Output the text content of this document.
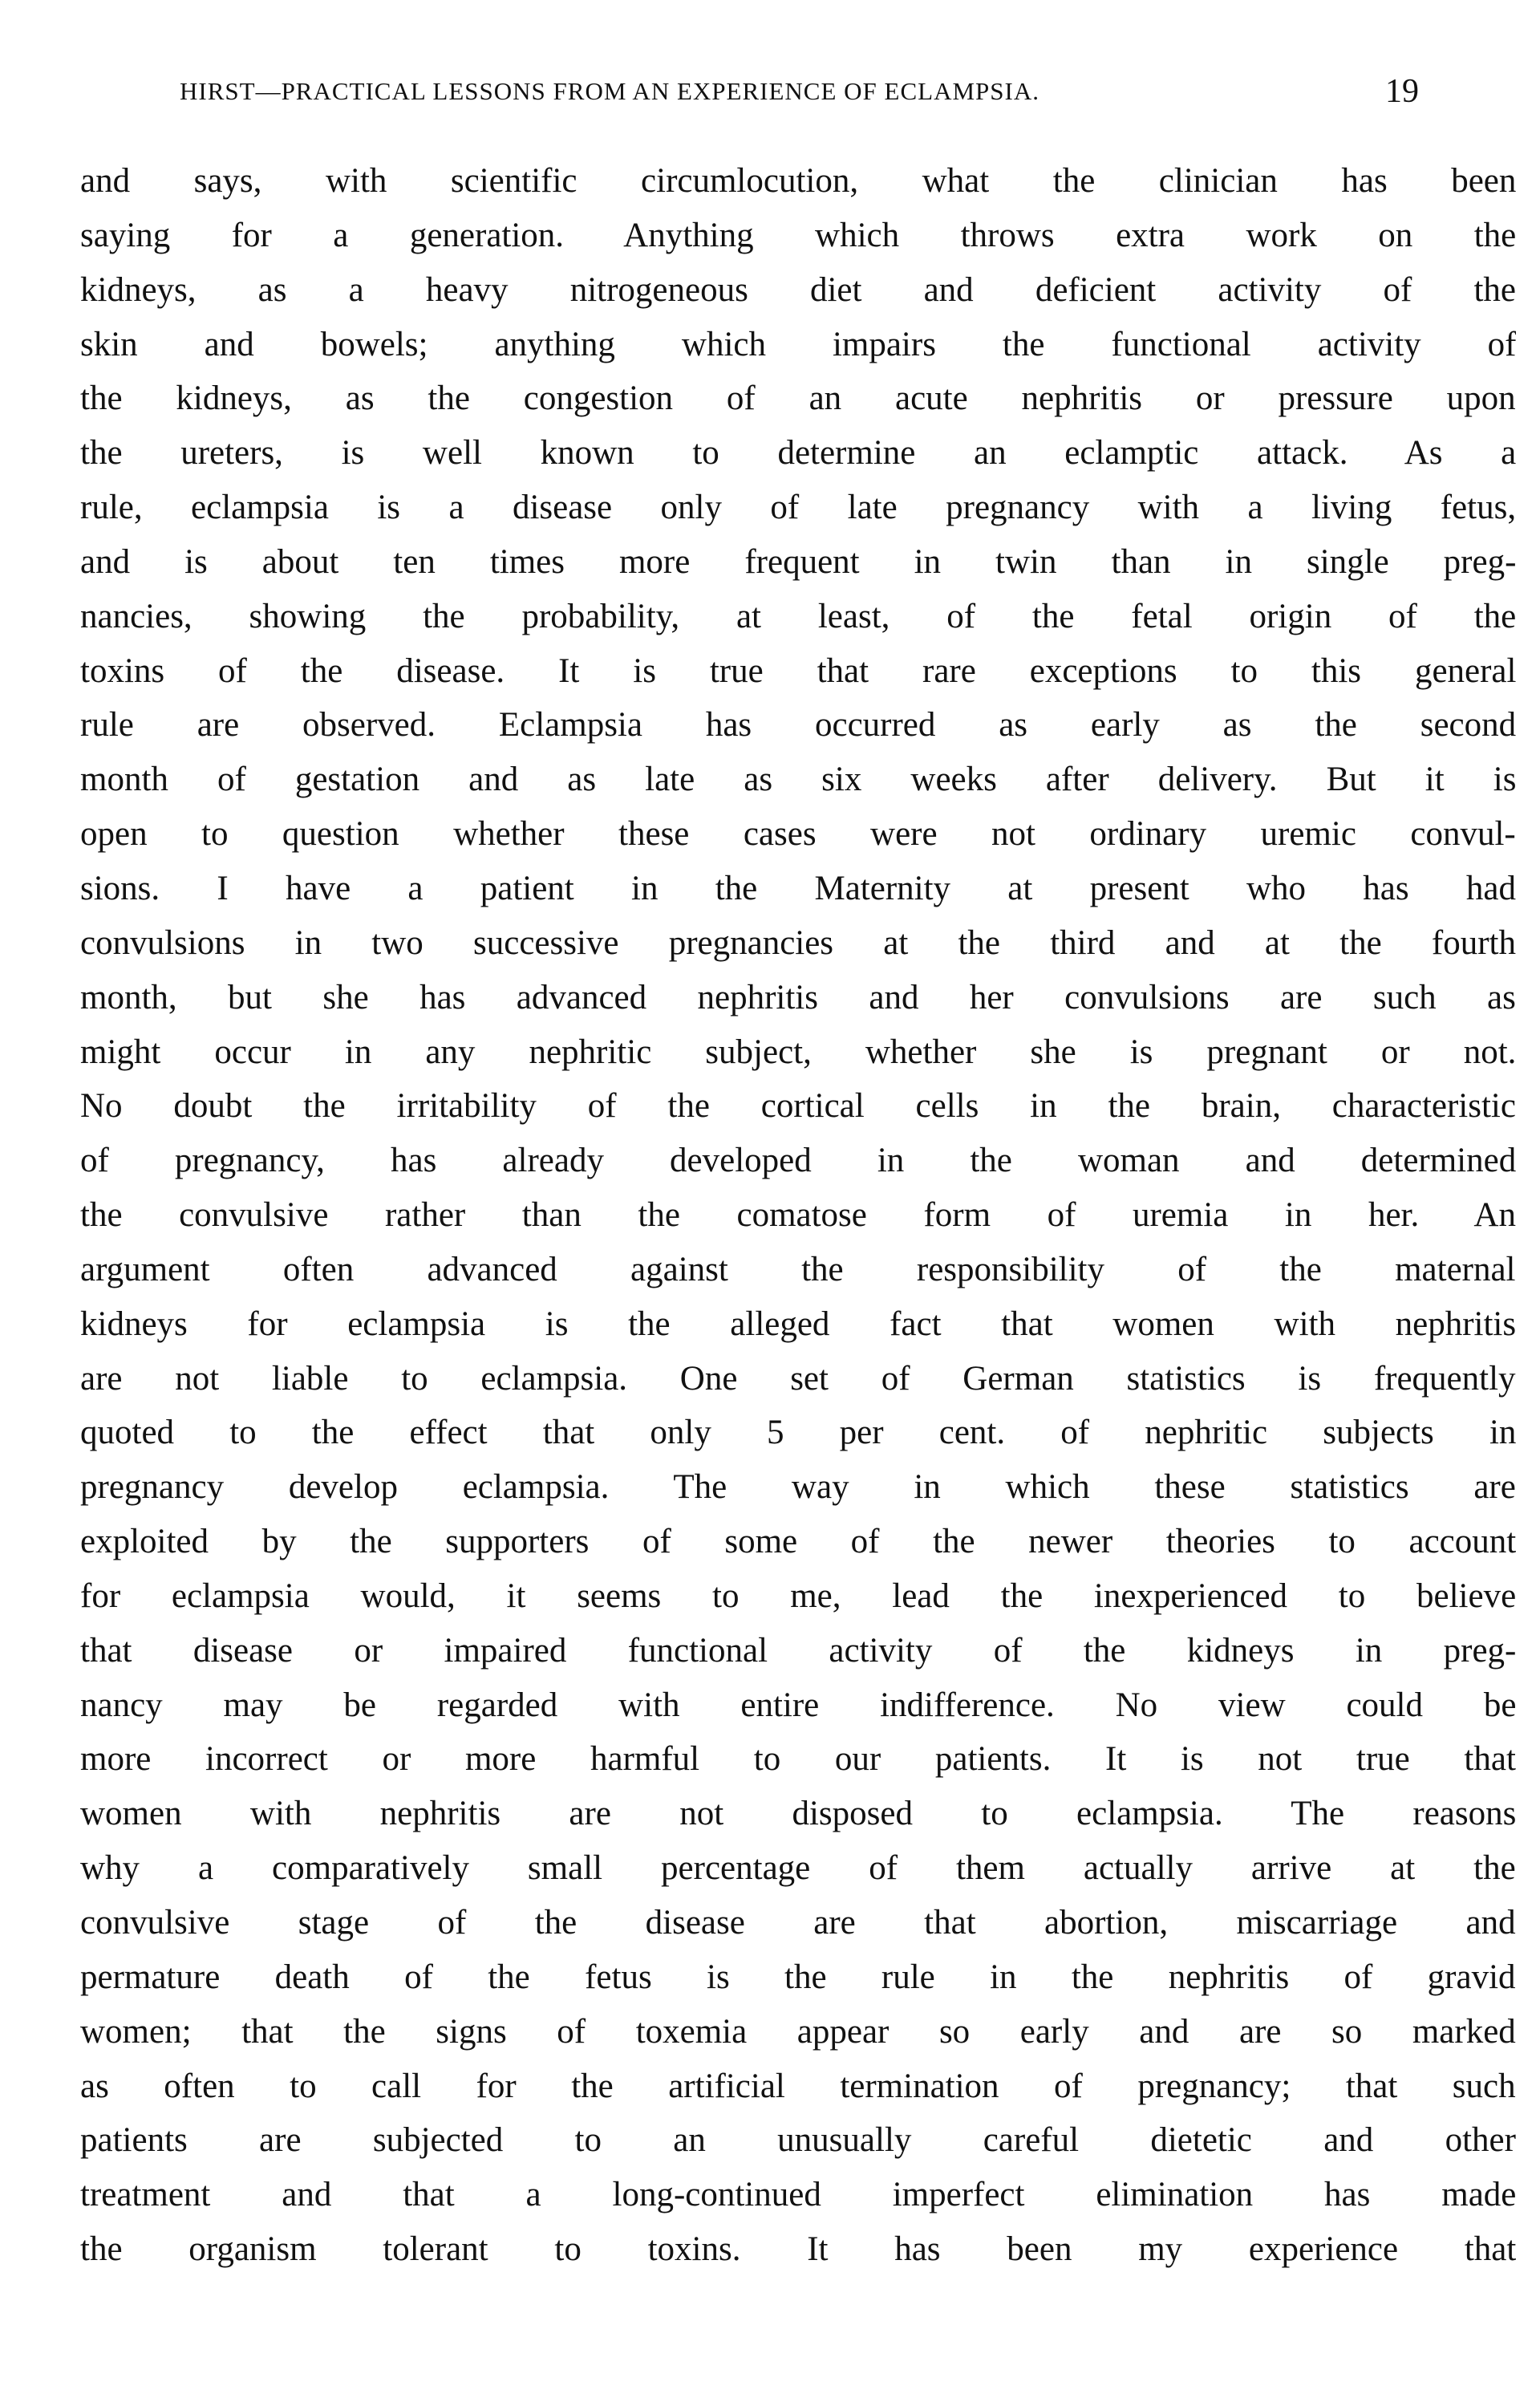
HIRST—PRACTICAL LESSONS FROM AN EXPERIENCE OF ECLAMPSIA.	19
and says, with scientific circumlocution, what the clinician has been
saying for a generation. Anything which throws extra work on the
kidneys, as a heavy nitrogeneous diet and deficient activity of the
skin and bowels; anything which impairs the functional activity of
the kidneys, as the congestion of an acute nephritis or pressure upon
the ureters, is well known to determine an eclamptic attack. As a
rule, eclampsia is a disease only of late pregnancy with a living fetus,
and is about ten times more frequent in twin than in single preg-
nancies, showing the probability, at least, of the fetal origin of the
toxins of the disease. It is true that rare exceptions to this general
rule are observed. Eclampsia has occurred as early as the second
month of gestation and as late as six weeks after delivery. But it is
open to question whether these cases were not ordinary uremic convul-
sions. I have a patient in the Maternity at present who has had
convulsions in two successive pregnancies at the third and at the fourth
month, but she has advanced nephritis and her convulsions are such as
might occur in any nephritic subject, whether she is pregnant or not.
No doubt the irritability of the cortical cells in the brain, characteristic
of pregnancy, has already developed in the woman and determined
the convulsive rather than the comatose form of uremia in her. An
argument often advanced against the responsibility of the maternal
kidneys for eclampsia is the alleged fact that women with nephritis
are not liable to eclampsia. One set of German statistics is frequently
quoted to the effect that only 5 per cent. of nephritic subjects in
pregnancy develop eclampsia. The way in which these statistics are
exploited by the supporters of some of the newer theories to account
for eclampsia would, it seems to me, lead the inexperienced to believe
that disease or impaired functional activity of the kidneys in preg-
nancy may be regarded with entire indifference. No view could be
more incorrect or more harmful to our patients. It is not true that
women with nephritis are not disposed to eclampsia. The reasons
why a comparatively small percentage of them actually arrive at the
convulsive stage of the disease are that abortion, miscarriage and
permature death of the fetus is the rule in the nephritis of gravid
women; that the signs of toxemia appear so early and are so marked
as often to call for the artificial termination of pregnancy; that such
patients are subjected to an unusually careful dietetic and other
treatment and that a long-continued imperfect elimination has made
the organism tolerant to toxins. It has been my experience that
